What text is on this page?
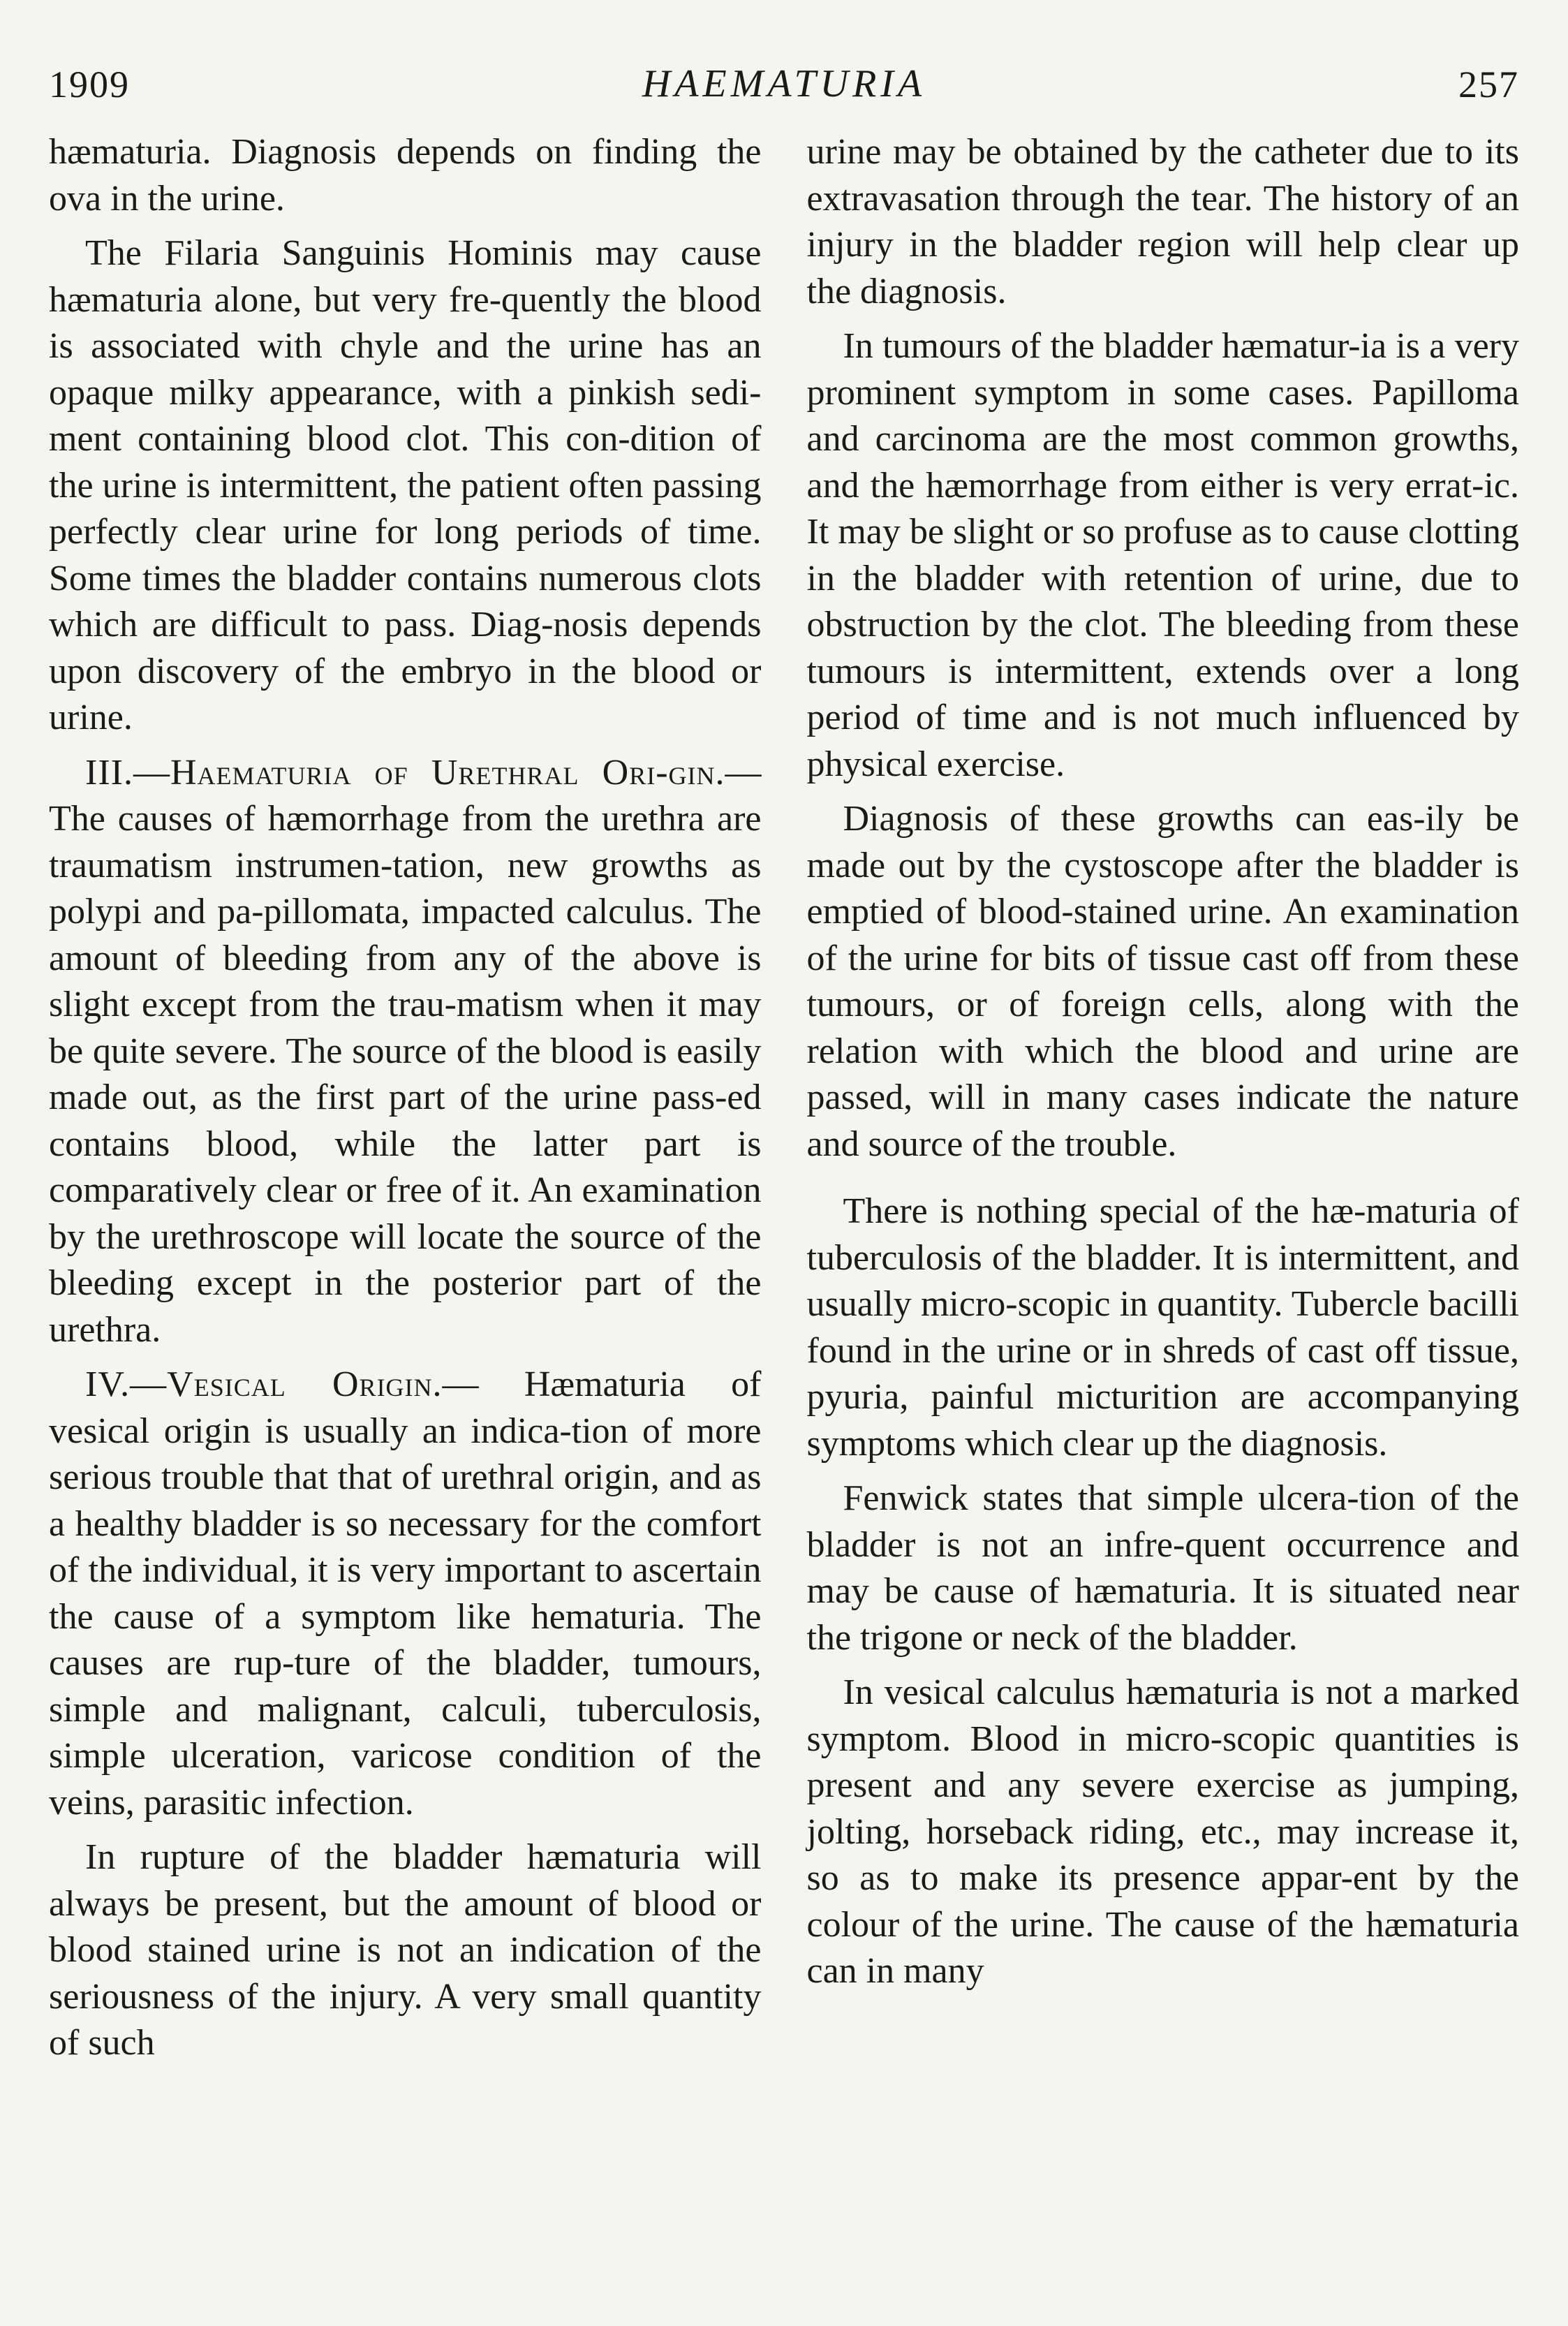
1909	HAEMATURIA	257

hæmaturia. Diagnosis depends on finding the ova in the urine.

The Filaria Sanguinis Hominis may cause hæmaturia alone, but very fre-quently the blood is associated with chyle and the urine has an opaque milky appearance, with a pinkish sedi-ment containing blood clot. This con-dition of the urine is intermittent, the patient often passing perfectly clear urine for long periods of time. Some times the bladder contains numerous clots which are difficult to pass. Diag-nosis depends upon discovery of the embryo in the blood or urine.

III.—Haematuria of Urethral Ori-gin.—The causes of hæmorrhage from the urethra are traumatism instrumen-tation, new growths as polypi and pa-pillomata, impacted calculus. The amount of bleeding from any of the above is slight except from the trau-matism when it may be quite severe. The source of the blood is easily made out, as the first part of the urine pass-ed contains blood, while the latter part is comparatively clear or free of it. An examination by the urethroscope will locate the source of the bleeding except in the posterior part of the urethra.

IV.—Vesical Origin.— Hæmaturia of vesical origin is usually an indica-tion of more serious trouble that that of urethral origin, and as a healthy bladder is so necessary for the comfort of the individual, it is very important to ascertain the cause of a symptom like hematuria. The causes are rup-ture of the bladder, tumours, simple and malignant, calculi, tuberculosis, simple ulceration, varicose condition of the veins, parasitic infection.

In rupture of the bladder hæmaturia will always be present, but the amount of blood or blood stained urine is not an indication of the seriousness of the injury. A very small quantity of such

urine may be obtained by the catheter due to its extravasation through the tear. The history of an injury in the bladder region will help clear up the diagnosis.

In tumours of the bladder hæmatur-ia is a very prominent symptom in some cases. Papilloma and carcinoma are the most common growths, and the hæmorrhage from either is very errat-ic. It may be slight or so profuse as to cause clotting in the bladder with retention of urine, due to obstruction by the clot. The bleeding from these tumours is intermittent, extends over a long period of time and is not much influenced by physical exercise.

Diagnosis of these growths can eas-ily be made out by the cystoscope after the bladder is emptied of blood-stained urine. An examination of the urine for bits of tissue cast off from these tumours, or of foreign cells, along with the relation with which the blood and urine are passed, will in many cases indicate the nature and source of the trouble.

There is nothing special of the hæ-maturia of tuberculosis of the bladder. It is intermittent, and usually micro-scopic in quantity. Tubercle bacilli found in the urine or in shreds of cast off tissue, pyuria, painful micturition are accompanying symptoms which clear up the diagnosis.

Fenwick states that simple ulcera-tion of the bladder is not an infre-quent occurrence and may be cause of hæmaturia. It is situated near the trigone or neck of the bladder.

In vesical calculus hæmaturia is not a marked symptom. Blood in micro-scopic quantities is present and any severe exercise as jumping, jolting, horseback riding, etc., may increase it, so as to make its presence appar-ent by the colour of the urine. The cause of the hæmaturia can in many
